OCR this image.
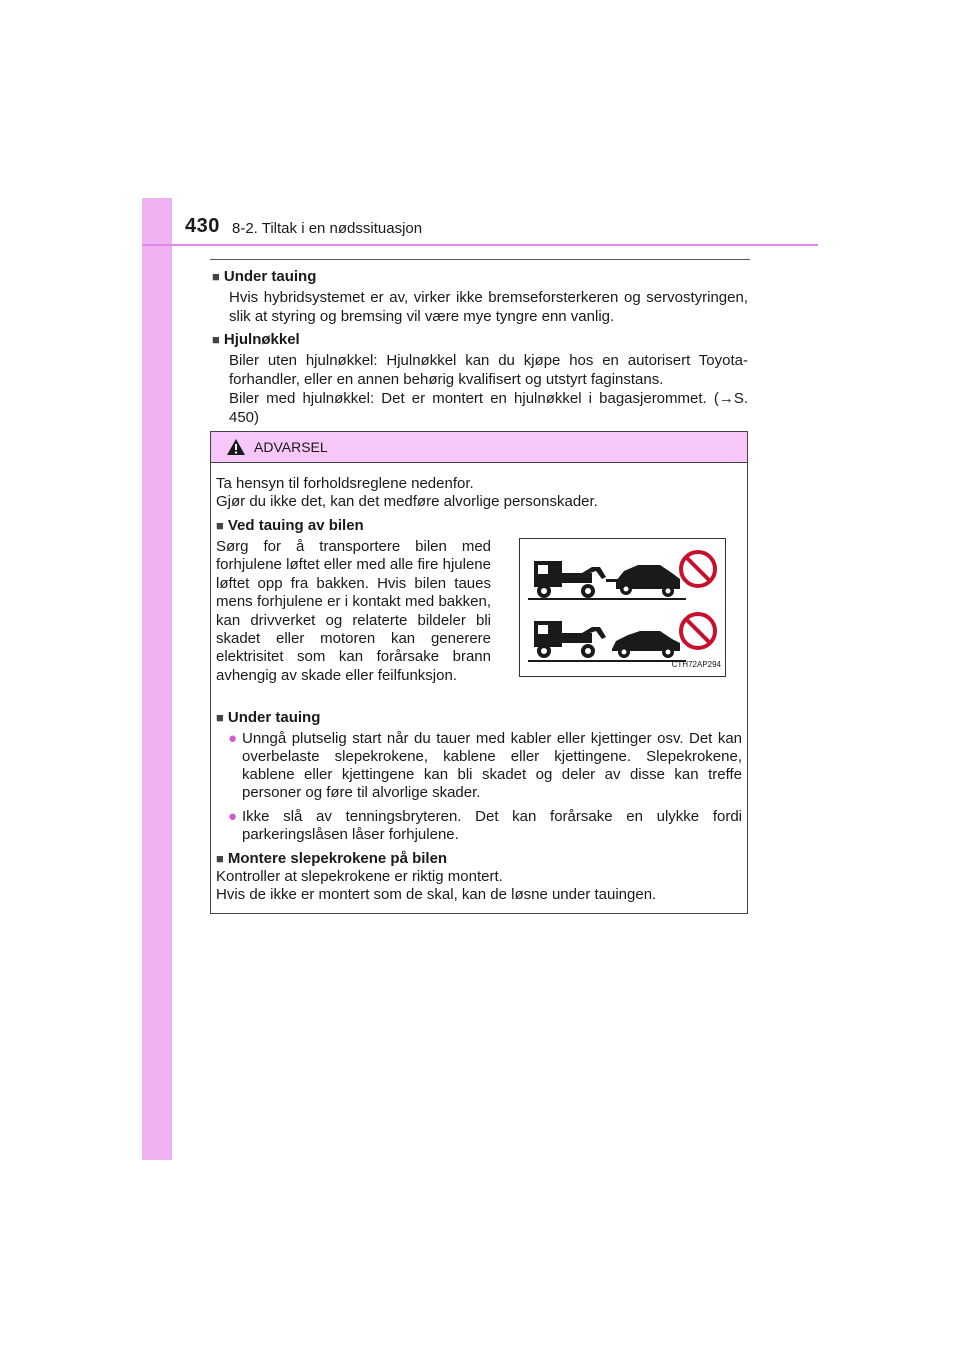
430 8-2. Tiltak i en nødssituasjon

■ Under tauing

Hvis hybridsystemet er av, virker ikke bremseforsterkeren og servostyringen, slik at styring og bremsing vil være mye tyngre enn vanlig.

■ Hjulnøkkel

Biler uten hjulnøkkel: Hjulnøkkel kan du kjøpe hos en autorisert Toyota-forhandler, eller en annen behørig kvalifisert og utstyrt faginstans.

Biler med hjulnøkkel: Det er montert en hjulnøkkel i bagasjerommet. (→S. 450)

ADVARSEL

Ta hensyn til forholdsreglene nedenfor.

Gjør du ikke det, kan det medføre alvorlige personskader.

■ Ved tauing av bilen

Sørg for å transportere bilen med forhjulene løftet eller med alle fire hjulene løftet opp fra bakken. Hvis bilen taues mens forhjulene er i kontakt med bakken, kan drivverket og relaterte bildeler bli skadet eller motoren kan generere elektrisitet som kan forårsake brann avhengig av skade eller feilfunksjon.

CTH72AP294

■ Under tauing

● Unngå plutselig start når du tauer med kabler eller kjettinger osv. Det kan overbelaste slepekrokene, kablene eller kjettingene. Slepekrokene, kablene eller kjettingene kan bli skadet og deler av disse kan treffe personer og føre til alvorlige skader.
● Ikke slå av tenningsbryteren. Det kan forårsake en ulykke fordi parkeringslåsen låser forhjulene.

■ Montere slepekrokene på bilen

Kontroller at slepekrokene er riktig montert.

Hvis de ikke er montert som de skal, kan de løsne under tauingen.
